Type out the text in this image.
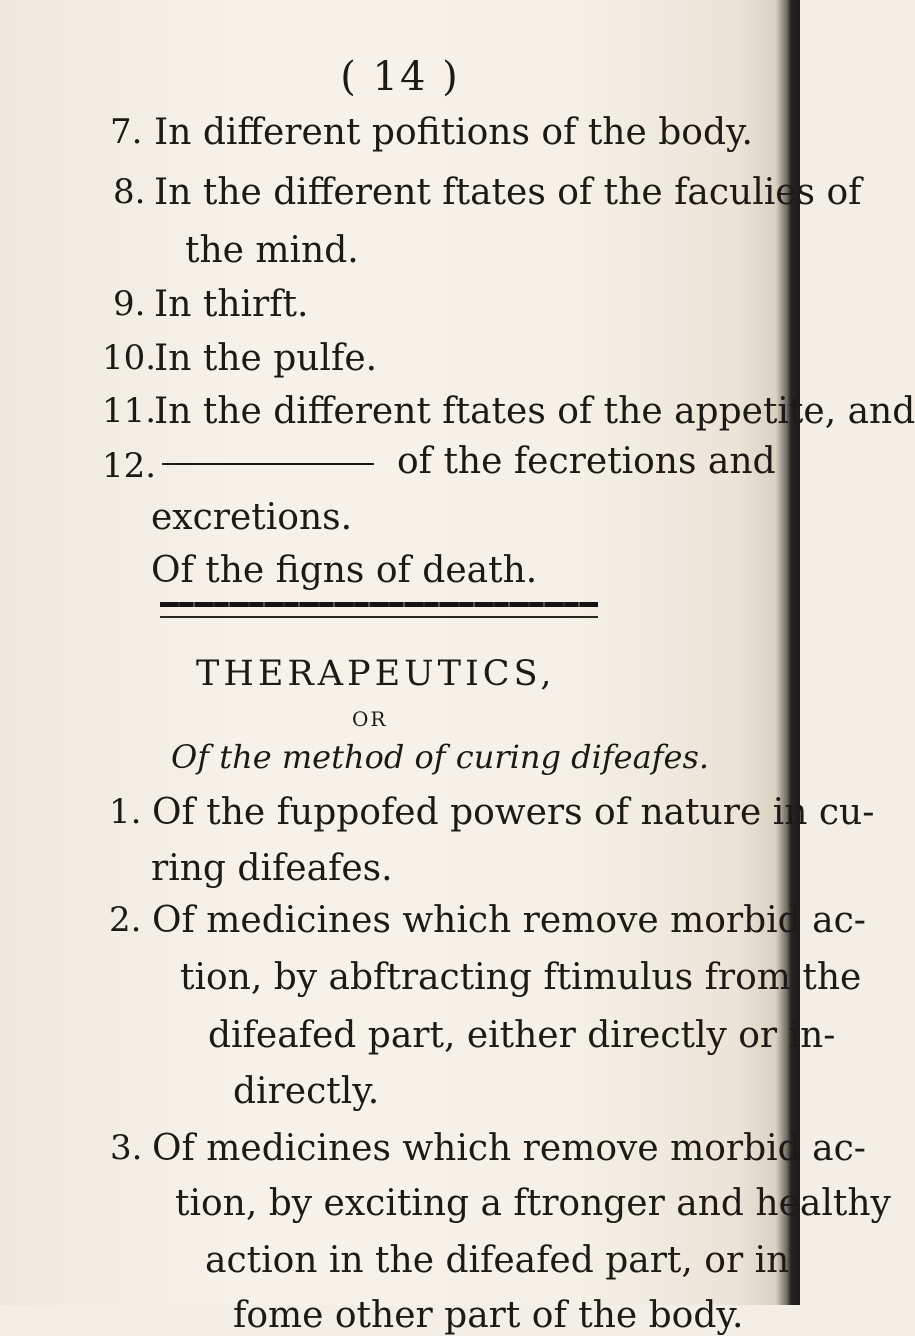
( 14 )
7. In different pofitions of the body.
8. In the different ftates of the faculies of
the mind.
9. In thirft.
10.
In the pulfe.
11.
In the different ftates of the appetite, and
12.	of the fecretions and
excretions.
Of the figns of death.
THERAPEUTICS,
OR
Of the method of curing difeafes.
1. Of the fuppofed powers of nature in cu-
ring difeafes.
2. Of medicines which remove morbid ac-
tion, by abftracting ftimulus from the
difeafed part, either directly or in-
directly.
3. Of medicines which remove morbid ac-
tion, by exciting a ftronger and healthy
action in the difeafed part, or in
fome other part of the body.
